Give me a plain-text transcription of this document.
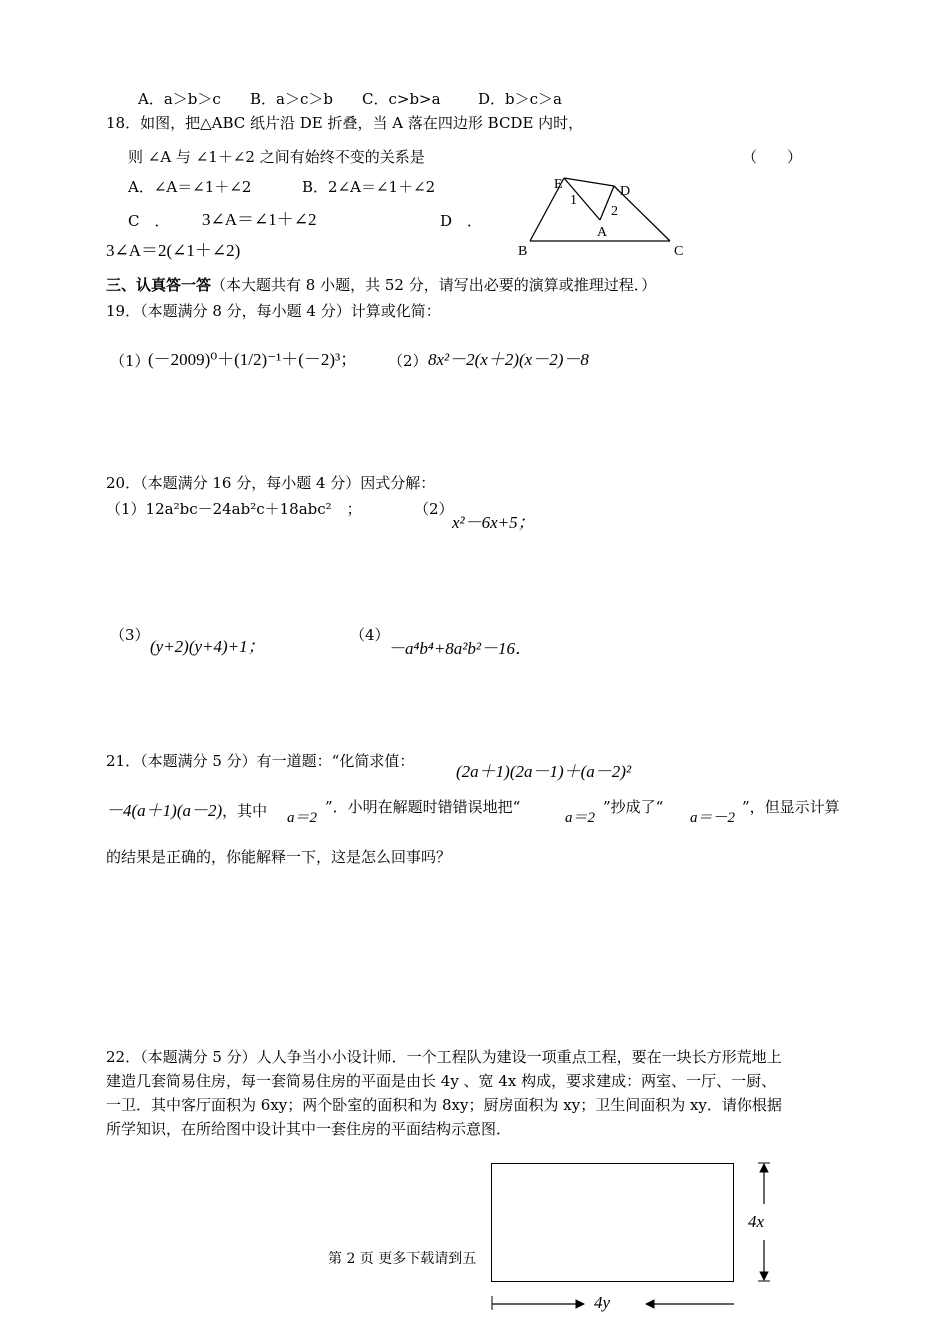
A．a＞b＞c B．a＞c＞b C．c>b>a D．b＞c＞a
18．如图，把△ABC 纸片沿 DE 折叠，当 A 落在四边形 BCDE 内时，
则 ∠A 与 ∠1＋∠2 之间有始终不变的关系是	（　　）
A．∠A＝∠1＋∠2	B．2∠A＝∠1＋∠2
C　． 3∠A＝∠1＋∠2	D　．
3∠A＝2(∠1＋∠2)
E	D
1
2
A
B	C
三、认真答一答（本大题共有 8 小题，共 52 分，请写出必要的演算或推理过程．）
19．（本题满分 8 分，每小题 4 分）计算或化简：
（1）
(－2009)⁰＋(1/2)⁻¹＋(－2)³； （2） 8x²－2(x＋2)(x－2)－8
20．（本题满分 16 分，每小题 4 分）因式分解：
（1）12a²bc－24ab²c＋18abc²　；	（2）
x²－6x+5；
（3）
(y+2)(y+4)+1；
（4）
－a⁴b⁴+8a²b²－16．
21．（本题满分 5 分）有一道题：“化简求值：
(2a＋1)(2a－1)＋(a－2)²
－4(a＋1)(a－2)，其中 a＝2
”．小明在解题时错错误地把“
a＝2
”抄成了“
a＝－2
”，但显示计算
的结果是正确的，你能解释一下，这是怎么回事吗？
22．（本题满分 5 分）人人争当小小设计师．一个工程队为建设一项重点工程，要在一块长方形荒地上
建造几套简易住房，每一套简易住房的平面是由长 4y 、宽 4x 构成，要求建成：两室、一厅、一厨、
一卫．其中客厅面积为 6xy；两个卧室的面积和为 8xy；厨房面积为 xy；卫生间面积为 xy．请你根据
所学知识，在所给图中设计其中一套住房的平面结构示意图．
4x
4y
第 2 页 更多下载请到五
